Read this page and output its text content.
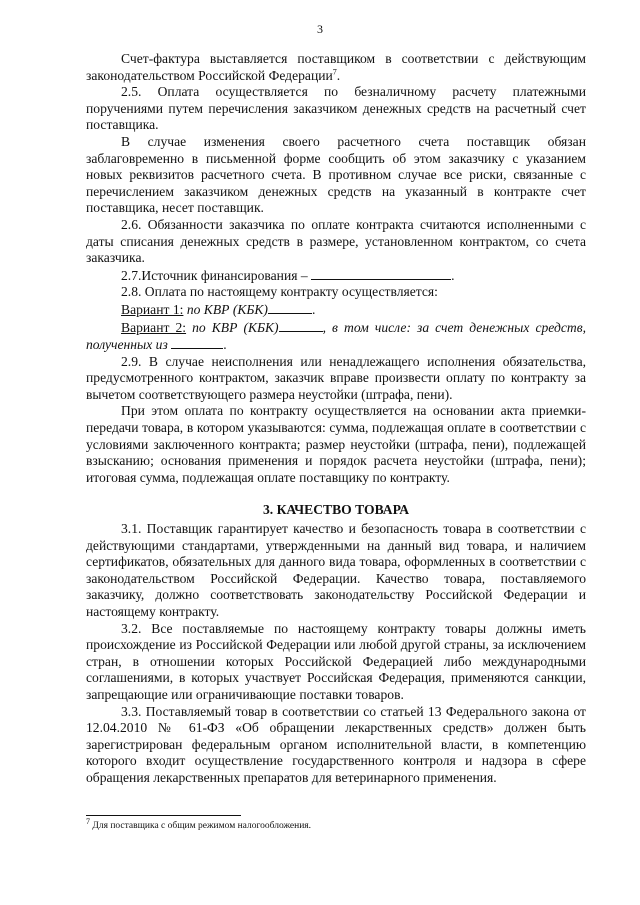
3

Счет-фактура выставляется поставщиком в соответствии с действующим законодательством Российской Федерации$^7$.

2.5. Оплата осуществляется по безналичному расчету платежными поручениями путем перечисления заказчиком денежных средств на расчетный счет поставщика.

В случае изменения своего расчетного счета поставщик обязан заблаговременно в письменной форме сообщить об этом заказчику с указанием новых реквизитов расчетного счета. В противном случае все риски, связанные с перечислением заказчиком денежных средств на указанный в контракте счет поставщика, несет поставщик.

2.6. Обязанности заказчика по оплате контракта считаются исполненными с даты списания денежных средств в размере, установленном контрактом, со счета заказчика.

2.7.Источник финансирования –	.

2.8. Оплата по настоящему контракту осуществляется:

Вариант 1: по КВР (КБК)	.

Вариант 2: по КВР (КБК)	, в том числе: за счет денежных средств, полученных из	.

2.9. В случае неисполнения или ненадлежащего исполнения обязательства, предусмотренного контрактом, заказчик вправе произвести оплату по контракту за вычетом соответствующего размера неустойки (штрафа, пени).

При этом оплата по контракту осуществляется на основании акта приемки-передачи товара, в котором указываются: сумма, подлежащая оплате в соответствии с условиями заключенного контракта; размер неустойки (штрафа, пени), подлежащей взысканию; основания применения и порядок расчета неустойки (штрафа, пени); итоговая сумма, подлежащая оплате поставщику по контракту.

3. КАЧЕСТВО ТОВАРА

3.1. Поставщик гарантирует качество и безопасность товара в соответствии с действующими стандартами, утвержденными на данный вид товара, и наличием сертификатов, обязательных для данного вида товара, оформленных в соответствии с законодательством Российской Федерации. Качество товара, поставляемого заказчику, должно соответствовать законодательству Российской Федерации и настоящему контракту.

3.2. Все поставляемые по настоящему контракту товары должны иметь происхождение из Российской Федерации или любой другой страны, за исключением стран, в отношении которых Российской Федерацией либо международными соглашениями, в которых участвует Российская Федерация, применяются санкции, запрещающие или ограничивающие поставки товаров.

3.3. Поставляемый товар в соответствии со статьей 13 Федерального закона от 12.04.2010 № 61-ФЗ «Об обращении лекарственных средств» должен быть зарегистрирован федеральным органом исполнительной власти, в компетенцию которого входит осуществление государственного контроля и надзора в сфере обращения лекарственных препаратов для ветеринарного применения.

$^7$ Для поставщика с общим режимом налогообложения.
